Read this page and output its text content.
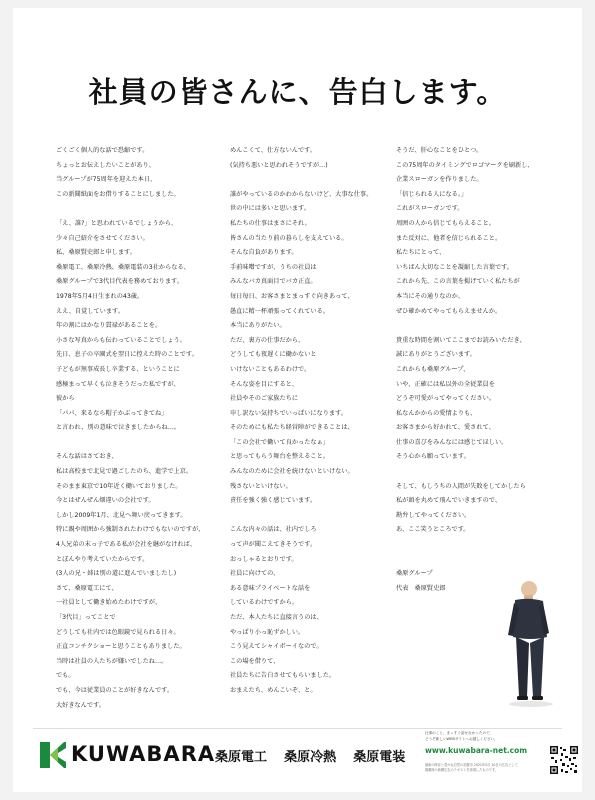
社員の皆さんに、告白します。
ごくごく個人的な話で恐縮です。
ちょっとお伝えしたいことがあり、
当グループが75周年を迎えた本日、
この新聞紙面をお借りすることにしました。
「え、誰?」と思われているでしょうから、
少々自己紹介をさせてください。
私、桑原賢史郎と申します。
桑原電工、桑原冷熱、桑原電装の3社からなる、
桑原グループで3代目代表を務めております。
1978年5月4日生まれの43歳。
ええ、自覚しています。
年の割にはかなり貫禄があることを。
小さな写真からも伝わっていることでしょう。
先日、息子の卒園式を翌日に控えた時のことです。
子どもが無事成長し卒業する、ということに
感極まって早くも泣きそうだった私ですが、
彼から
「パパ、来るなら帽子かぶってきてね」
と言われ、別の意味で泣きましたからね…。
そんな話はさておき、
私は高校まで北見で過ごしたのち、進学で上京。
そのまま東京で10年近く働いておりました。
今とはぜんぜん畑違いの会社です。
しかし2009年1月、北見へ舞い戻ってきます。
特に親や周囲から強制されたわけでもないのですが、
4人兄弟の末っ子である私が会社を継がなければ、
とぼんやり考えていたからです。
(3人の兄・姉は別の道に進んでいましたし)
さて、桑原電工にて、
一社員として働き始めたわけですが、
「3代目」ってことで
どうしても社内では色眼鏡で見られる日々。
正直コンチクショーと思うこともありました。
当時は社員の人たちが嫌いでしたね…。
でも。
でも、今は従業員のことが好きなんです。
大好きなんです。
めんこくて、仕方ないんです。
(気持ち悪いと思われそうですが…)
誰がやっているのかわからないけど、大事な仕事。
世の中には多いと思います。
私たちの仕事はまさにそれ。
皆さんの当たり前の暮らしを支えている。
そんな自負があります。
手前味噌ですが、うちの社員は
みんなバカ真面目でバカ正直。
毎日毎日、お客さまとまっすぐ向きあって、
愚直に精一杯頑張ってくれている。
本当にありがたい。
ただ、裏方の仕事だから、
どうしても夜遅くに働かないと
いけないこともあるわけで。
そんな姿を目にすると、
社員やそのご家族たちに
申し訳ない気持ちでいっぱいになります。
そのためにも私たち経営陣ができることは、
「この会社で働いて良かったなぁ」
と思ってもらう舞台を整えること。
みんなのために会社を続けないといけない。
残さないといけない。
責任を強く強く感じています。
こんな内々の話は、社内でしろ
って声が聞こえてきそうです。
おっしゃるとおりです。
社員に向けての、
ある意味プライベートな話を
しているわけですから。
ただ、本人たちに直接言うのは、
やっぱり小っ恥ずかしい。
こう見えてシャイボーイなので。
この場を借りて、
社員たちに告白させてもらいました。
おまえたち、めんこいぞ、と。
そうだ、肝心なことをひとつ。
この75周年のタイミングでロゴマークを刷新し、
企業スローガンを作りました。
「信じられる人になる。」
これがスローガンです。
周囲の人から信じてもらえること。
また反対に、他者を信じられること。
私たちにとって、
いちばん大切なことを凝縮した言葉です。
これから先、この言葉を掲げていく私たちが
本当にその通りなのか、
ぜひ確かめてやってもらえませんか。
貴重な時間を割いてここまでお読みいただき、
誠にありがとうございます。
これからも桑原グループ、
いや、正確には私以外の全従業員を
どうぞ可愛がってやってください。
私なんかからの愛情よりも、
お客さまから好かれて、愛されて、
仕事の喜びをみんなには感じてほしい。
そう心から願っています。
そして、もしうちの人間が失敗をしてかしたら
私が頭を丸めて飛んでいきますので、
勘弁してやってください。
あ、ここ笑うところです。
桑原グループ
代表　桑原賢史郎
KUWABARA 桑原電工 桑原冷熱 桑原電装
仕事のこと、まっすぐ話せなかったので、
どうぞ新しいWEBサイトへお越しください。
www.kuwabara-net.com
最新の時計と豊かな自然の札幌市 2021年5月 10日の広告として
掲載時の新聞広告のテキストを再現したものです。
